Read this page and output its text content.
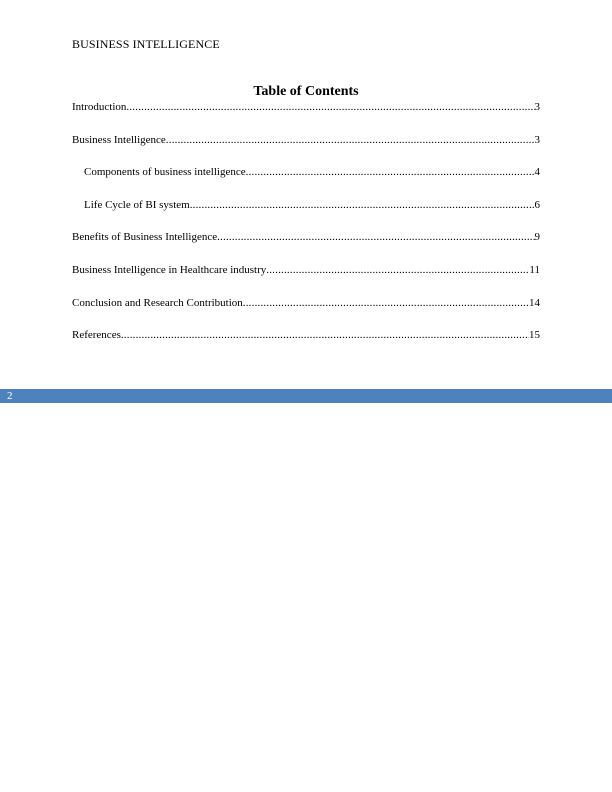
BUSINESS INTELLIGENCE
Table of Contents
Introduction .....	3
Business Intelligence .....	3
Components of business intelligence .....	4
Life Cycle of BI system .....	6
Benefits of Business Intelligence .....	9
Business Intelligence in Healthcare industry .....	11
Conclusion and Research Contribution .....	14
References .....	15
2
